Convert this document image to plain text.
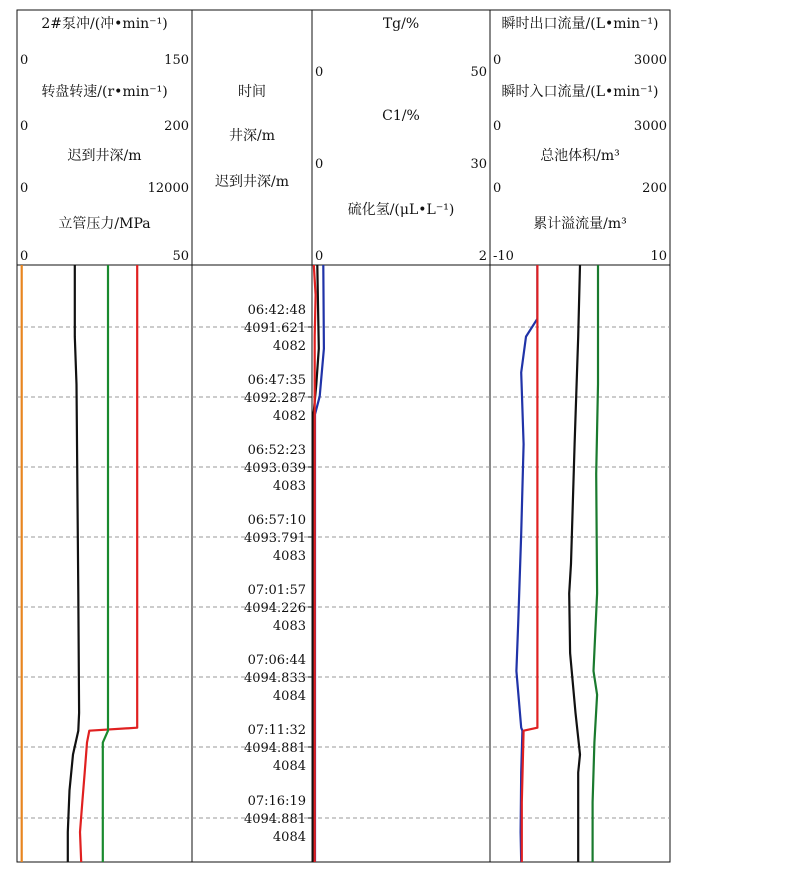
2#泵冲/(冲•min⁻¹)
0	150
转盘转速/(r•min⁻¹)
0	200
迟到井深/m
0	12000
立管压力/MPa
0	50
Tg/%
0	50
C1/%
0	30
硫化氢/(μL•L⁻¹)
0	2
瞬时出口流量/(L•min⁻¹)
0	3000
瞬时入口流量/(L•min⁻¹)
0	3000
总池体积/m³
0	200
累计溢流量/m³
-10	10
时间
井深/m
迟到井深/m
06:42:48
4091.621
4082
06:47:35
4092.287
4082
06:52:23
4093.039
4083
06:57:10
4093.791
4083
07:01:57
4094.226
4083
07:06:44
4094.833
4084
07:11:32
4094.881
4084
07:16:19
4094.881
4084
